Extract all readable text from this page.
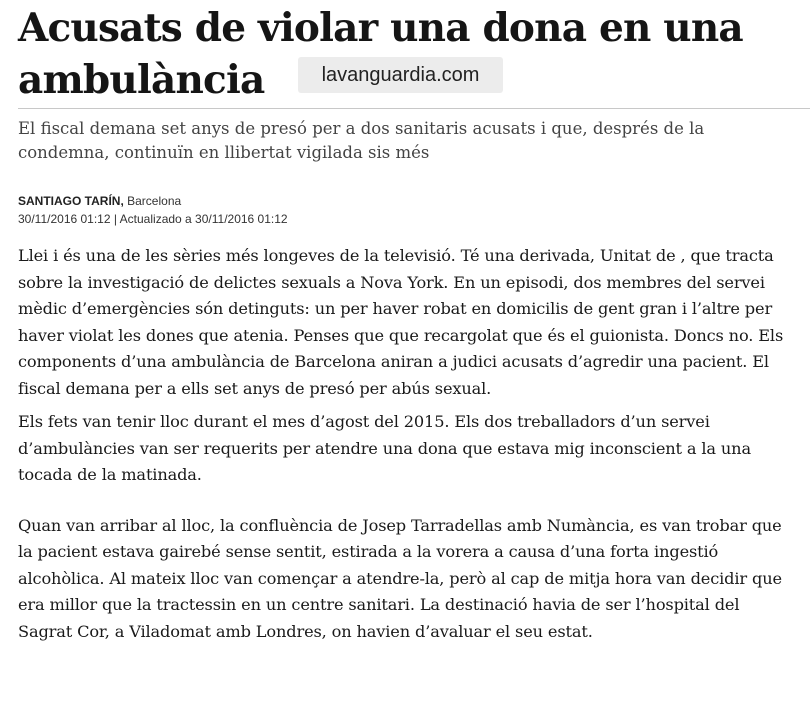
Acusats de violar una dona en una
ambulància	lavanguardia.com

El fiscal demana set anys de presó per a dos sanitaris acusats i que, després de la condemna, continuïn en llibertat vigilada sis més

SANTIAGO TARÍN, Barcelona
30/11/2016 01:12 | Actualizado a 30/11/2016 01:12

Llei i és una de les sèries més longeves de la televisió. Té una derivada, Unitat de , que tracta sobre la investigació de delictes sexuals a Nova York. En un episodi, dos membres del servei mèdic d’emergències són detinguts: un per haver robat en domicilis de gent gran i l’altre per haver violat les dones que atenia. Penses que que recargolat que és el guionista. Doncs no. Els components d’una ambulància de Barcelona aniran a judici acusats d’agredir una pacient. El fiscal demana per a ells set anys de presó per abús sexual.

Els fets van tenir lloc durant el mes d’agost del 2015. Els dos treballadors d’un servei d’ambulàncies van ser requerits per atendre una dona que estava mig inconscient a la una tocada de la matinada.

Quan van arribar al lloc, la confluència de Josep Tarradellas amb Numància, es van trobar que la pacient estava gairebé sense sentit, estirada a la vorera a causa d’una forta ingestió alcohòlica. Al mateix lloc van començar a atendre-la, però al cap de mitja hora van decidir que era millor que la tractessin en un centre sanitari. La destinació havia de ser l’hospital del Sagrat Cor, a Viladomat amb Londres, on havien d’avaluar el seu estat.
